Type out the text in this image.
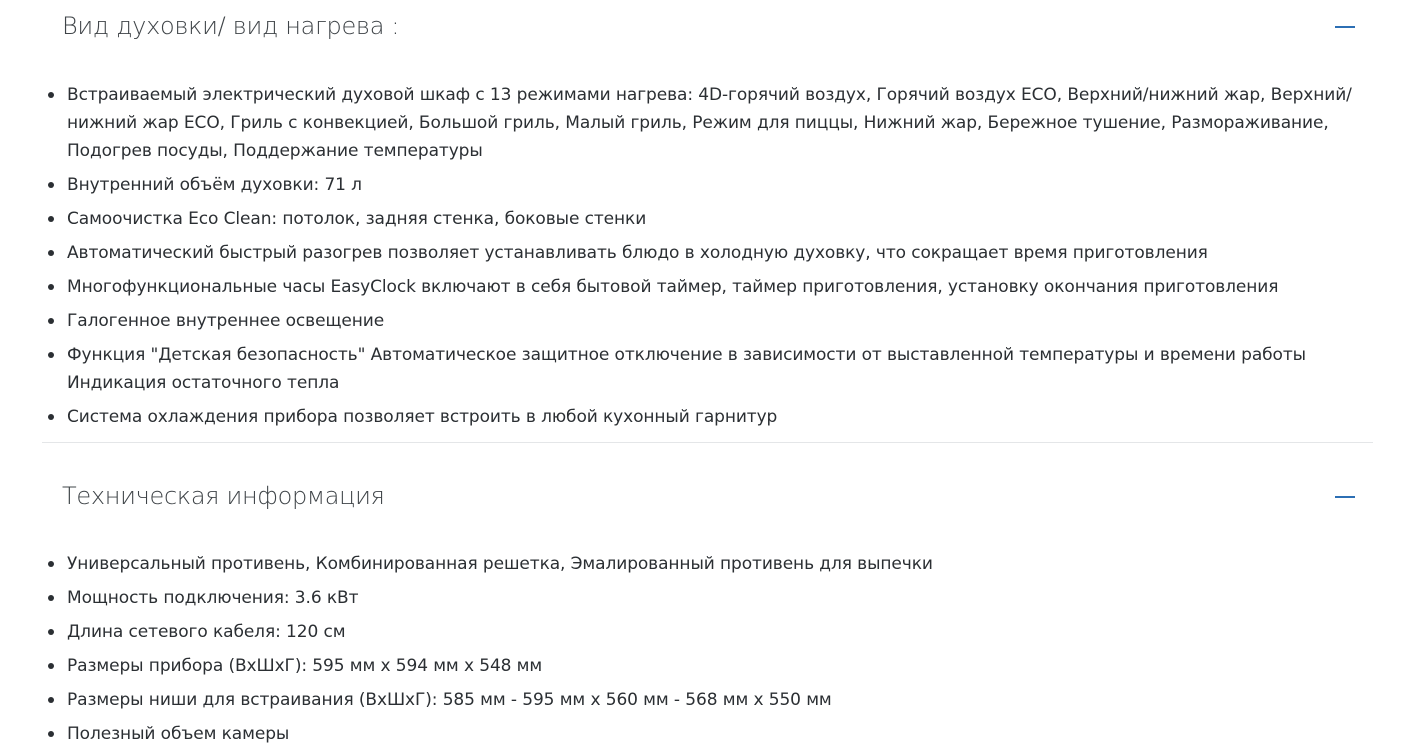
Вид духовки/ вид нагрева :
Встраиваемый электрический духовой шкаф с 13 режимами нагрева: 4D-горячий воздух, Горячий воздух ECO, Верхний/нижний жар, Верхний/нижний жар ECO, Гриль с конвекцией, Большой гриль, Малый гриль, Режим для пиццы, Нижний жар, Бережное тушение, Размораживание, Подогрев посуды, Поддержание температуры
Внутренний объём духовки: 71 л
Самоочистка Eco Clean: потолок, задняя стенка, боковые стенки
Автоматический быстрый разогрев позволяет устанавливать блюдо в холодную духовку, что сокращает время приготовления
Многофункциональные часы EasyClock включают в себя бытовой таймер, таймер приготовления, установку окончания приготовления
Галогенное внутреннее освещение
Функция "Детская безопасность" Автоматическое защитное отключение в зависимости от выставленной температуры и времени работы Индикация остаточного тепла
Система охлаждения прибора позволяет встроить в любой кухонный гарнитур
Техническая информация
Универсальный противень, Комбинированная решетка, Эмалированный противень для выпечки
Мощность подключения: 3.6 кВт
Длина сетевого кабеля: 120 см
Размеры прибора (ВхШхГ): 595 мм x 594 мм x 548 мм
Размеры ниши для встраивания (ВхШхГ): 585 мм - 595 мм x 560 мм - 568 мм x 550 мм
Полезный объем камеры
